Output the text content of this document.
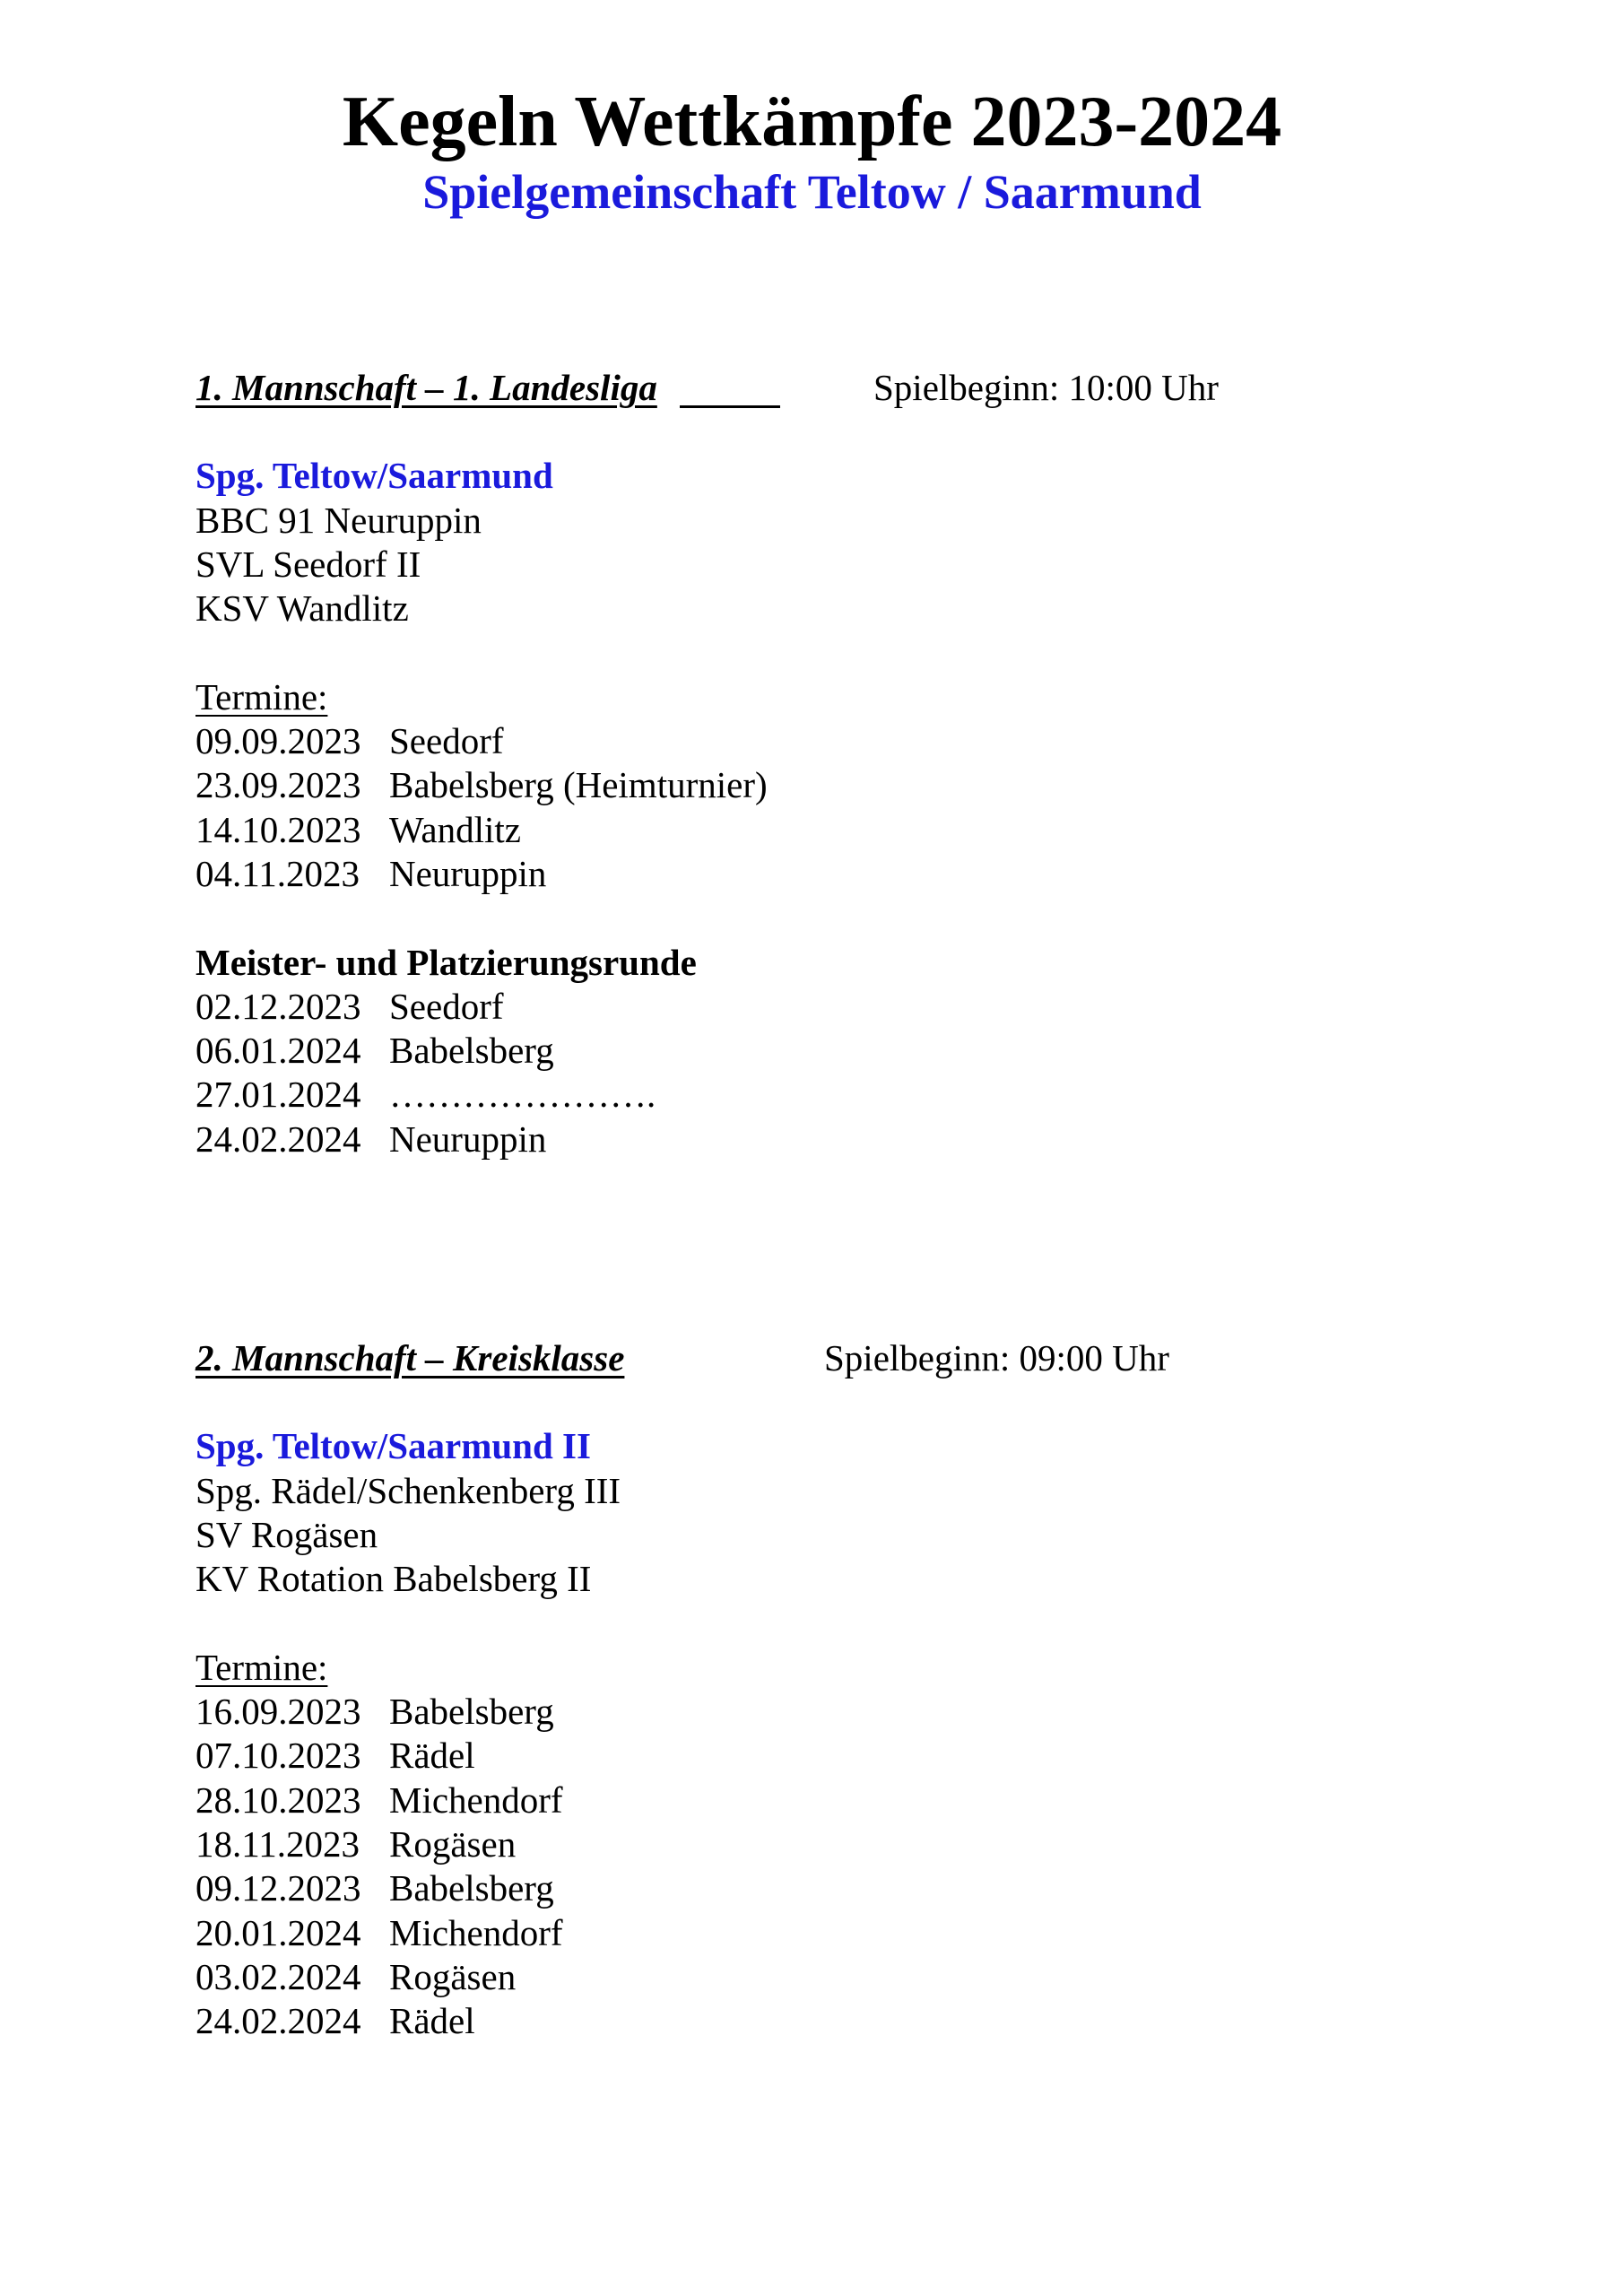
Kegeln Wettkämpfe 2023-2024
Spielgemeinschaft Teltow / Saarmund
1. Mannschaft – 1. Landesliga	Spielbeginn: 10:00 Uhr
Spg. Teltow/Saarmund
BBC 91 Neuruppin
SVL Seedorf II
KSV Wandlitz
Termine:
09.09.2023 Seedorf
23.09.2023 Babelsberg (Heimturnier)
14.10.2023 Wandlitz
04.11.2023 Neuruppin
Meister- und Platzierungsrunde
02.12.2023 Seedorf
06.01.2024 Babelsberg
27.01.2024 ………………….
24.02.2024 Neuruppin
2. Mannschaft – Kreisklasse	Spielbeginn: 09:00 Uhr
Spg. Teltow/Saarmund II
Spg. Rädel/Schenkenberg III
SV Rogäsen
KV Rotation Babelsberg II
Termine:
16.09.2023 Babelsberg
07.10.2023 Rädel
28.10.2023 Michendorf
18.11.2023 Rogäsen
09.12.2023 Babelsberg
20.01.2024 Michendorf
03.02.2024 Rogäsen
24.02.2024 Rädel
